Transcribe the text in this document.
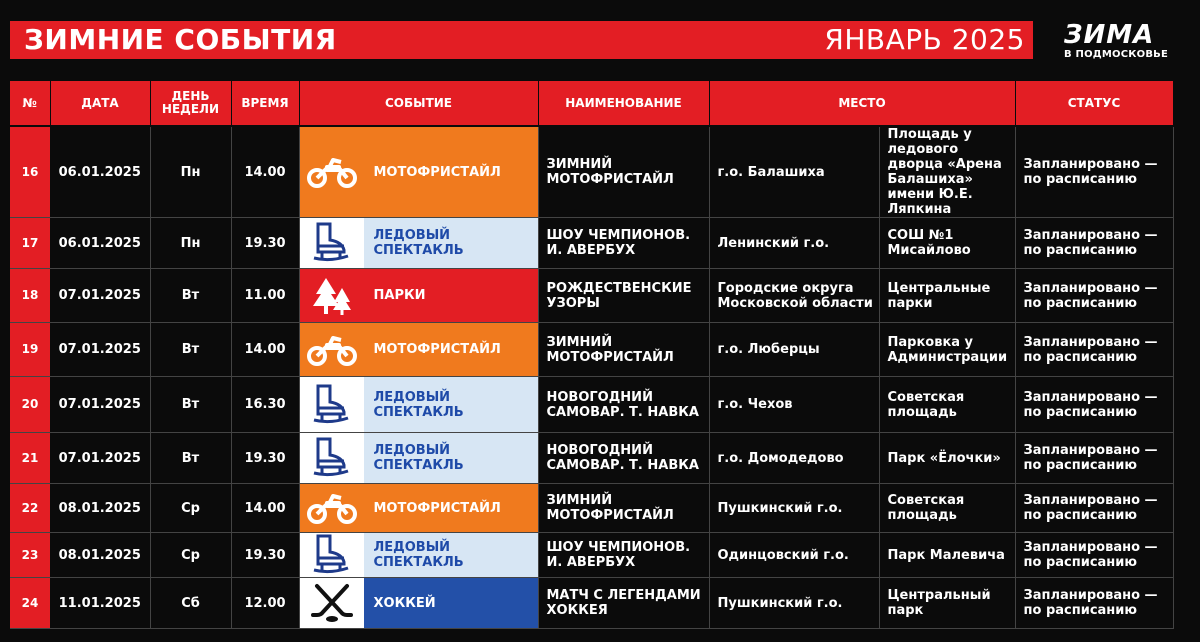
ЗИМНИЕ СОБЫТИЯ	ЯНВАРЬ 2025 ЗИМА
В ПОДМОСКОВЬЕ
№	ДАТА	ДЕНЬ НЕДЕЛИ	ВРЕМЯ	СОБЫТИЕ	НАИМЕНОВАНИЕ	МЕСТО		СТАТУС
16	06.01.2025	Пн	14.00	МОТОФРИСТАЙЛ	ЗИМНИЙ МОТОФРИСТАЙЛ	г.о. Балашиха	Площадь у ледового дворца «Арена Балашиха» имени Ю.Е. Ляпкина	Запланировано — по расписанию
17	06.01.2025	Пн	19.30	ЛЕДОВЫЙ СПЕКТАКЛЬ	ШОУ ЧЕМПИОНОВ. И. АВЕРБУХ	Ленинский г.о.	СОШ №1 Мисайлово	Запланировано — по расписанию
18	07.01.2025	Вт	11.00	ПАРКИ	РОЖДЕСТВЕНСКИЕ УЗОРЫ	Городские округа Московской области	Центральные парки	Запланировано — по расписанию
19	07.01.2025	Вт	14.00	МОТОФРИСТАЙЛ	ЗИМНИЙ МОТОФРИСТАЙЛ	г.о. Люберцы	Парковка у Администрации	Запланировано — по расписанию
20	07.01.2025	Вт	16.30	ЛЕДОВЫЙ СПЕКТАКЛЬ	НОВОГОДНИЙ САМОВАР. Т. НАВКА	г.о. Чехов	Советская площадь	Запланировано — по расписанию
21	07.01.2025	Вт	19.30	ЛЕДОВЫЙ СПЕКТАКЛЬ	НОВОГОДНИЙ САМОВАР. Т. НАВКА	г.о. Домодедово	Парк «Ёлочки»	Запланировано — по расписанию
22	08.01.2025	Ср	14.00	МОТОФРИСТАЙЛ	ЗИМНИЙ МОТОФРИСТАЙЛ	Пушкинский г.о.	Советская площадь	Запланировано — по расписанию
23	08.01.2025	Ср	19.30	ЛЕДОВЫЙ СПЕКТАКЛЬ	ШОУ ЧЕМПИОНОВ. И. АВЕРБУХ	Одинцовский г.о.	Парк Малевича	Запланировано — по расписанию
24	11.01.2025	Сб	12.00	ХОККЕЙ	МАТЧ С ЛЕГЕНДАМИ ХОККЕЯ	Пушкинский г.о.	Центральный парк	Запланировано — по расписанию
